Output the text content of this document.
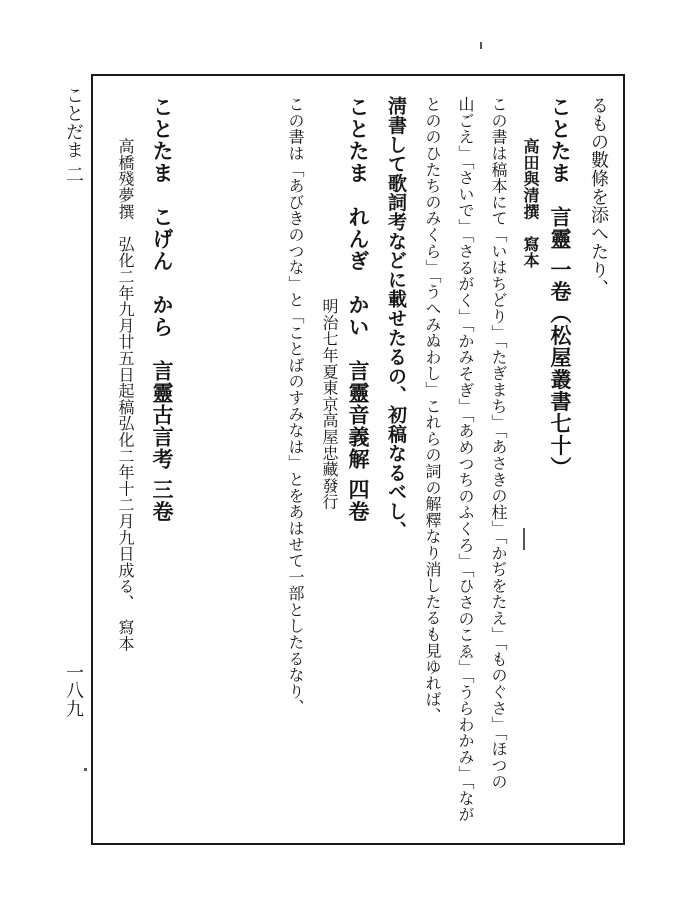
ことだま 二
一八九
るもの數條を添へたり、
ことたま　言靈 一卷（松屋叢書七十）
高田與清撰　寫本
この書は稿本にて「いはちどり」「たぎまち」「あさきの柱」「かぢをたえ」「ものぐさ」「ほつの
山ごえ」「さいで」「さるがく」「かみそぎ」「あめつちのふくろ」「ひさのこゑ」「うらわかみ」「なが
とののひたちのみくら」「うへみぬわし」これらの詞の解釋なり消したるも見ゆれば、
淸書して歌詞考などに載せたるの、初稿なるべし、
ことたま　れんぎ　かい　言靈音義解 四卷
明治七年夏東京高屋忠藏發行
この書は「あびきのつな」と「ことばのすみなは」とをあはせて一部としたるなり、
ことたま　こげん　から　言靈古言考 三卷
高橋殘夢撰　弘化二年九月廿五日起稿弘化二年十二月九日成る、　寫本
